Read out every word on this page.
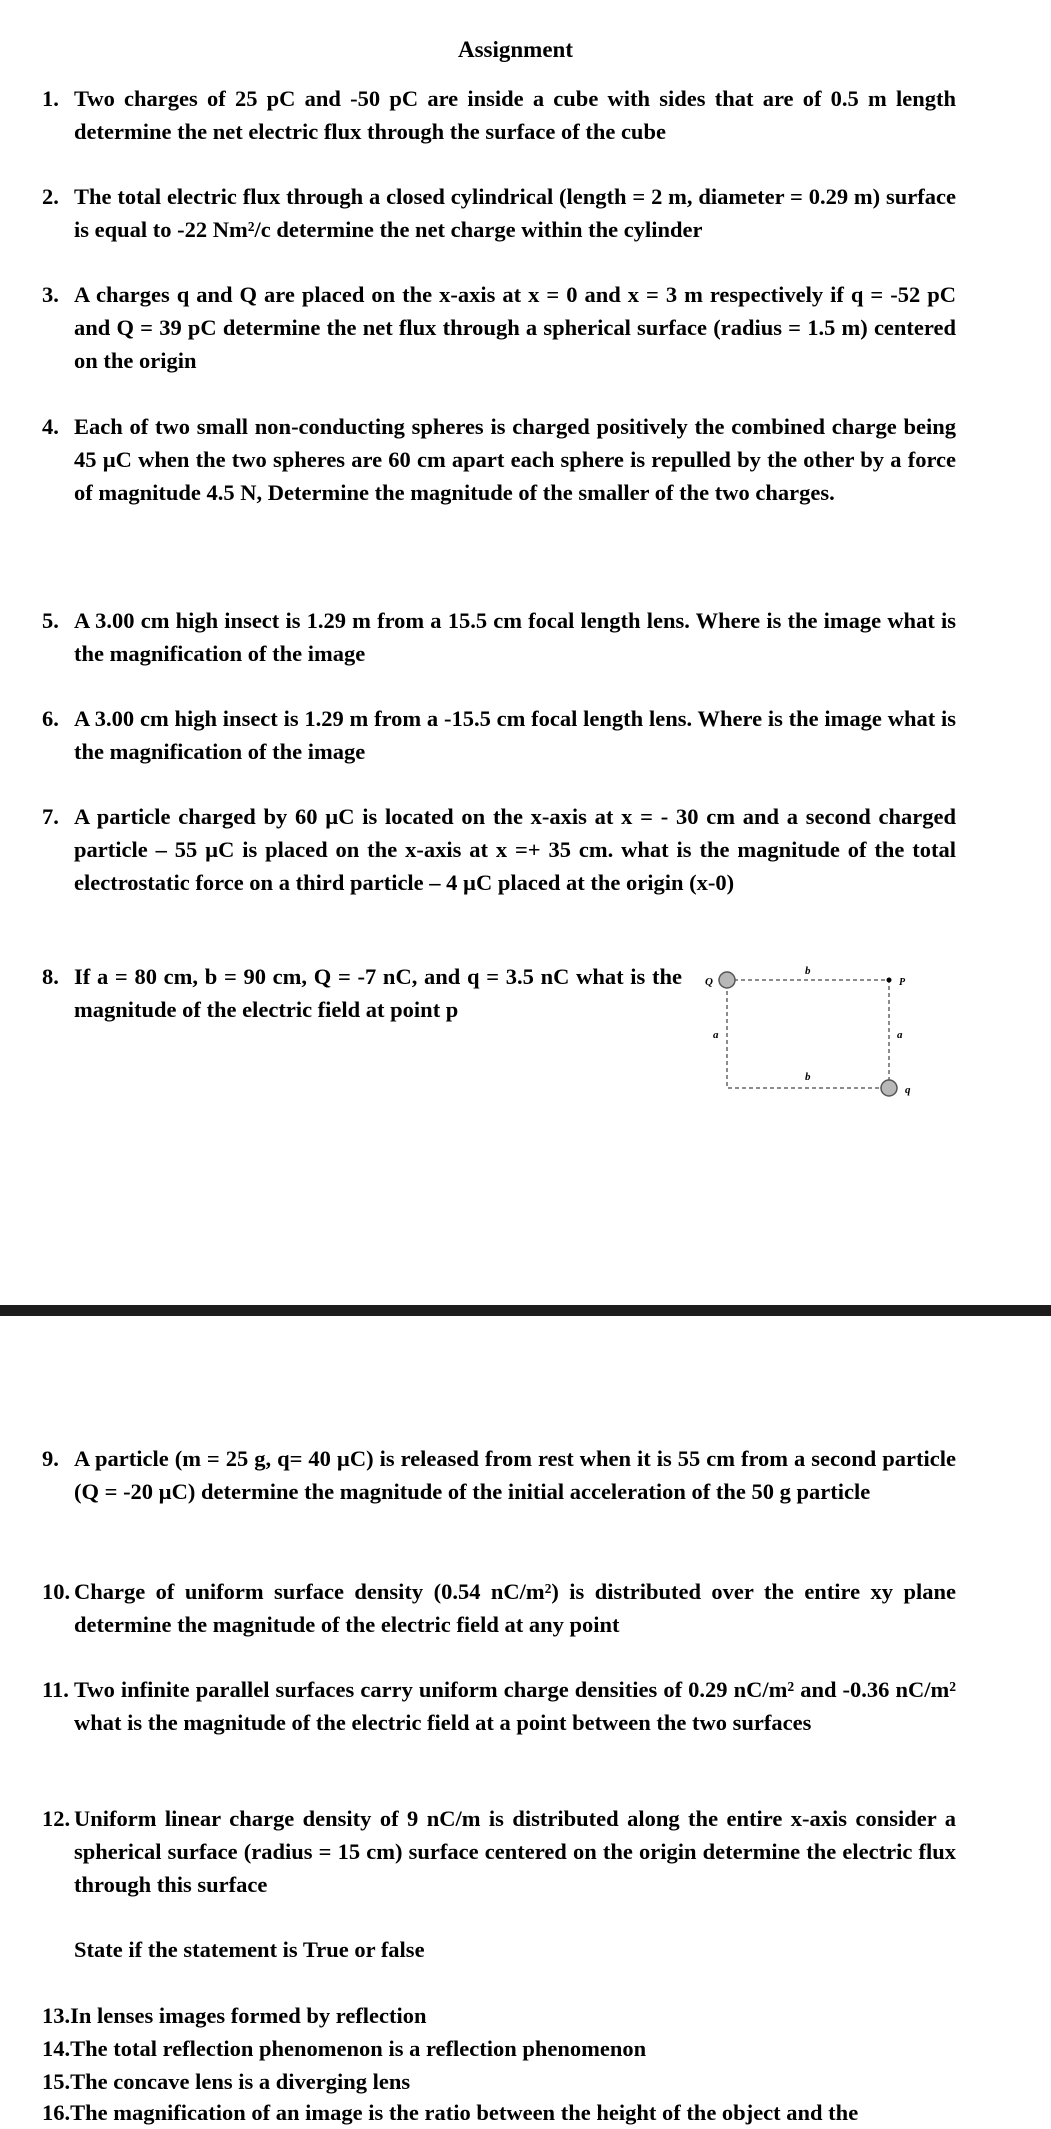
Assignment
1. Two charges of 25 pC and -50 pC are inside a cube with sides that are of 0.5 m length determine the net electric flux through the surface of the cube
2. The total electric flux through a closed cylindrical (length = 2 m, diameter = 0.29 m) surface is equal to -22 Nm²/c determine the net charge within the cylinder
3. A charges q and Q are placed on the x-axis at x = 0 and x = 3 m respectively if q = -52 pC and Q = 39 pC determine the net flux through a spherical surface (radius = 1.5 m) centered on the origin
4. Each of two small non-conducting spheres is charged positively the combined charge being 45 µC when the two spheres are 60 cm apart each sphere is repulled by the other by a force of magnitude 4.5 N, Determine the magnitude of the smaller of the two charges.
5. A 3.00 cm high insect is 1.29 m from a 15.5 cm focal length lens. Where is the image what is the magnification of the image
6. A 3.00 cm high insect is 1.29 m from a -15.5 cm focal length lens. Where is the image what is the magnification of the image
7. A particle charged by 60 µC is located on the x-axis at x = - 30 cm and a second charged particle – 55 µC is placed on the x-axis at x =+ 35 cm. what is the magnitude of the total electrostatic force on a third particle – 4 µC placed at the origin (x-0)
8. If a = 80 cm, b = 90 cm, Q = -7 nC, and q = 3.5 nC what is the magnitude of the electric field at point p
Q
q
P
b
b
a	a
9. A particle (m = 25 g, q= 40 µC) is released from rest when it is 55 cm from a second particle (Q = -20 µC) determine the magnitude of the initial acceleration of the 50 g particle
10. Charge of uniform surface density (0.54 nC/m²) is distributed over the entire xy plane determine the magnitude of the electric field at any point
11. Two infinite parallel surfaces carry uniform charge densities of 0.29 nC/m² and -0.36 nC/m² what is the magnitude of the electric field at a point between the two surfaces
12. Uniform linear charge density of 9 nC/m is distributed along the entire x-axis consider a spherical surface (radius = 15 cm) surface centered on the origin determine the electric flux through this surface
State if the statement is True or false
13.In lenses images formed by reflection
14.The total reflection phenomenon is a reflection phenomenon
15.The concave lens is a diverging lens
16.The magnification of an image is the ratio between the height of the object and the
